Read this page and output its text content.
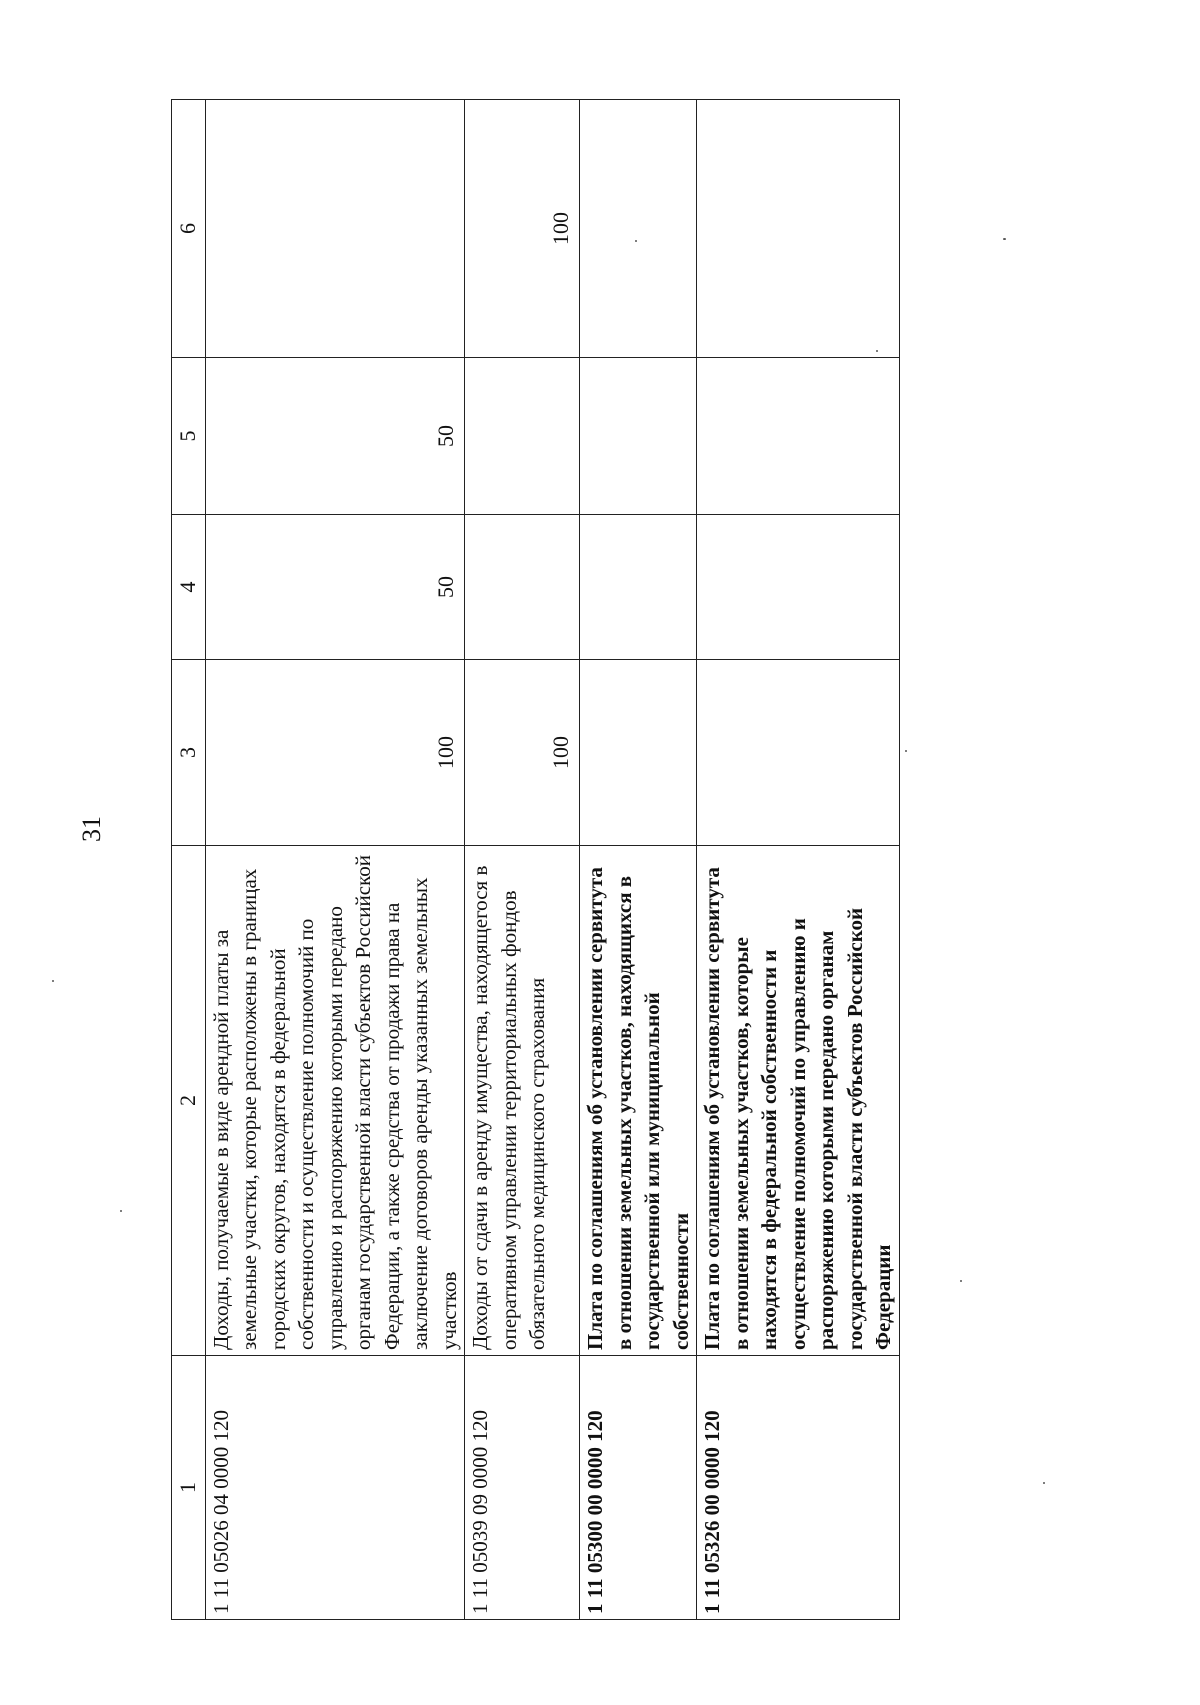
31
1	2	3	4	5	6
1 11 05026 04 0000 120	Доходы, получаемые в виде арендной платы за земельные участки, которые расположены в границах городских округов, находятся в федеральной собственности и осуществление полномочий по управлению и распоряжению которыми передано органам государственной власти субъектов Российской Федерации, а также средства от продажи права на заключение договоров аренды указанных земельных участков	100	50	50	
1 11 05039 09 0000 120	Доходы от сдачи в аренду имущества, находящегося в оперативном управлении территориальных фондов обязательного медицинского страхования	100			100
1 11 05300 00 0000 120	Плата по соглашениям об установлении сервитута в отношении земельных участков, находящихся в государственной или муниципальной собственности				
1 11 05326 00 0000 120	Плата по соглашениям об установлении сервитута в отношении земельных участков, которые находятся в федеральной собственности и осуществление полномочий по управлению и распоряжению которыми передано органам государственной власти субъектов Российской Федерации				
